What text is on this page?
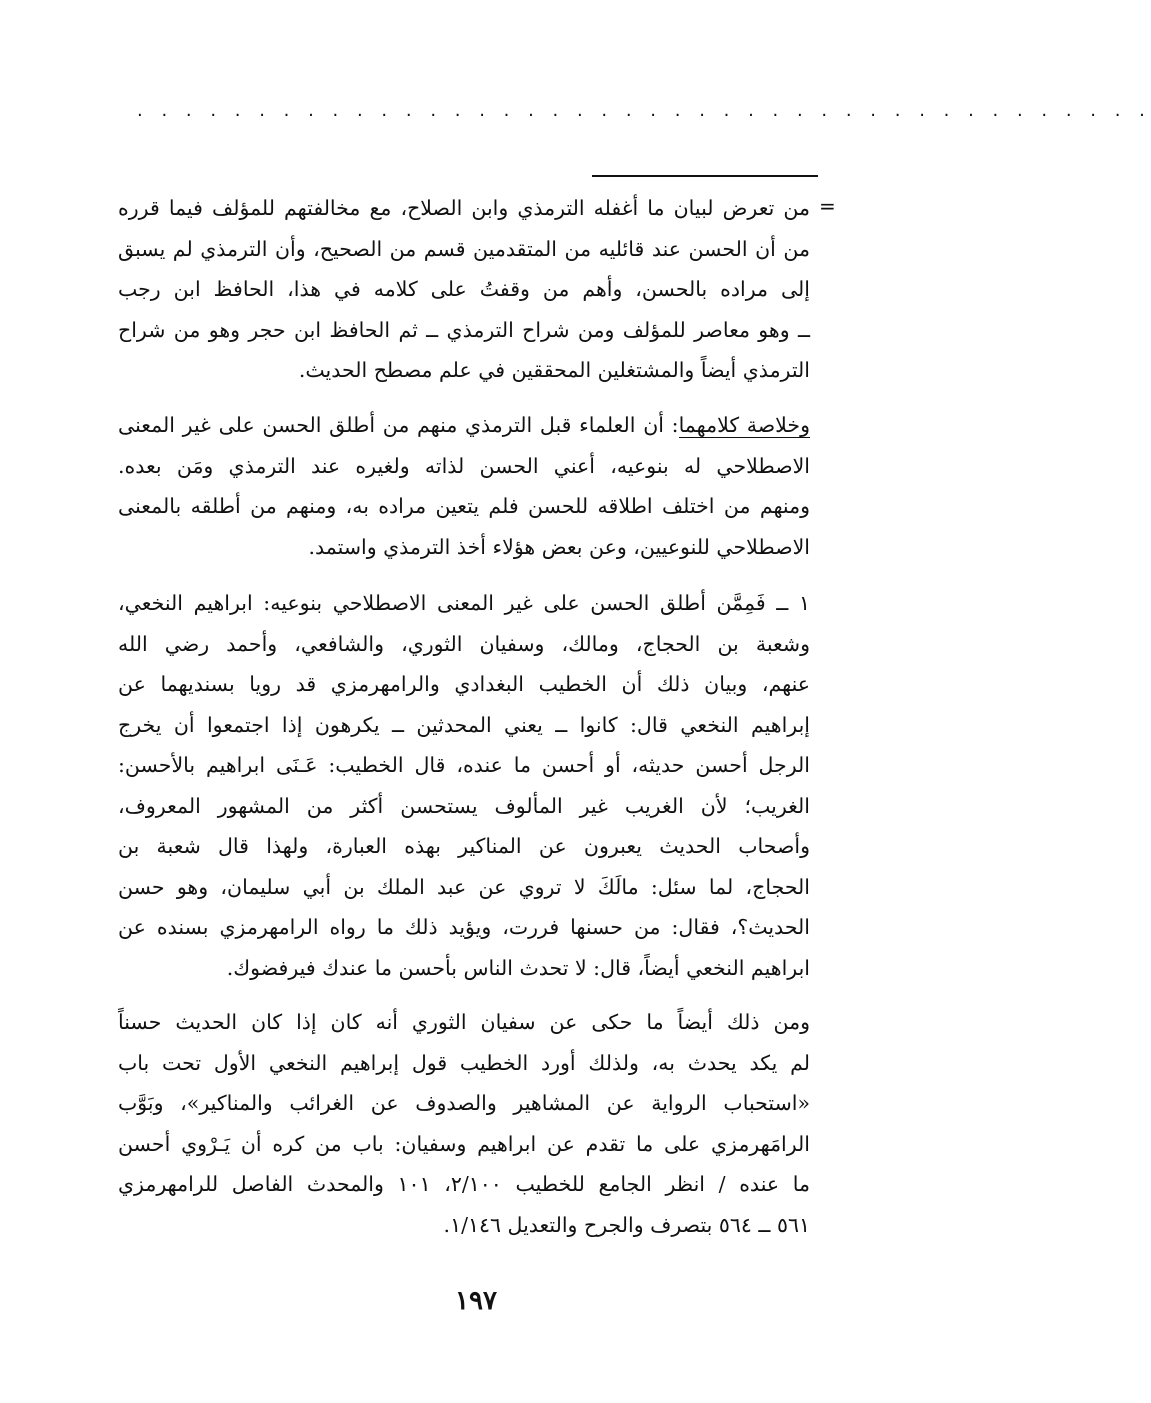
. . . . . . . . . . . . . . . . . . . . . . . . . . . . . . . . . . . . . . . . . .
=
من تعرض لبيان ما أغفله الترمذي وابن الصلاح، مع مخالفتهم للمؤلف فيما قرره
من أن الحسن عند قائليه من المتقدمين قسم من الصحيح، وأن الترمذي لم يسبق
إلى مراده بالحسن، وأهم من وقفتُ على كلامه في هذا، الحافظ ابن رجب
ــ وهو معاصر للمؤلف ومن شراح الترمذي ــ ثم الحافظ ابن حجر وهو من شراح
الترمذي أيضاً والمشتغلين المحققين في علم مصطح الحديث.
وخلاصة كلامهما: أن العلماء قبل الترمذي منهم من أطلق الحسن على غير المعنى
الاصطلاحي له بنوعيه، أعني الحسن لذاته ولغيره عند الترمذي ومَن بعده.
ومنهم من اختلف اطلاقه للحسن فلم يتعين مراده به، ومنهم من أطلقه بالمعنى
الاصطلاحي للنوعيين، وعن بعض هؤلاء أخذ الترمذي واستمد.
١ ــ فَمِمَّن أطلق الحسن على غير المعنى الاصطلاحي بنوعيه: ابراهيم النخعي،
وشعبة بن الحجاج، ومالك، وسفيان الثوري، والشافعي، وأحمد رضي الله
عنهم، وبيان ذلك أن الخطيب البغدادي والرامهرمزي قد رويا بسنديهما عن
إبراهيم النخعي قال: كانوا ــ يعني المحدثين ــ يكرهون إذا اجتمعوا أن يخرج
الرجل أحسن حديثه، أو أحسن ما عنده، قال الخطيب: عَـنَى ابراهيم بالأحسن:
الغريب؛ لأن الغريب غير المألوف يستحسن أكثر من المشهور المعروف،
وأصحاب الحديث يعبرون عن المناكير بهذه العبارة، ولهذا قال شعبة بن
الحجاج، لما سئل: مالَكَ لا تروي عن عبد الملك بن أبي سليمان، وهو حسن
الحديث؟، فقال: من حسنها فررت، ويؤيد ذلك ما رواه الرامهرمزي بسنده عن
ابراهيم النخعي أيضاً، قال: لا تحدث الناس بأحسن ما عندك فيرفضوك.
ومن ذلك أيضاً ما حكى عن سفيان الثوري أنه كان إذا كان الحديث حسناً
لم يكد يحدث به، ولذلك أورد الخطيب قول إبراهيم النخعي الأول تحت باب
«استحباب الرواية عن المشاهير والصدوف عن الغرائب والمناكير»، وبَوَّب
الرامَهرمزي على ما تقدم عن ابراهيم وسفيان: باب من كره أن يَـرْوي أحسن
ما عنده / انظر الجامع للخطيب ٢/١٠٠، ١٠١ والمحدث الفاصل للرامهرمزي
٥٦١ ــ ٥٦٤ بتصرف والجرح والتعديل ١/١٤٦.
١٩٧
